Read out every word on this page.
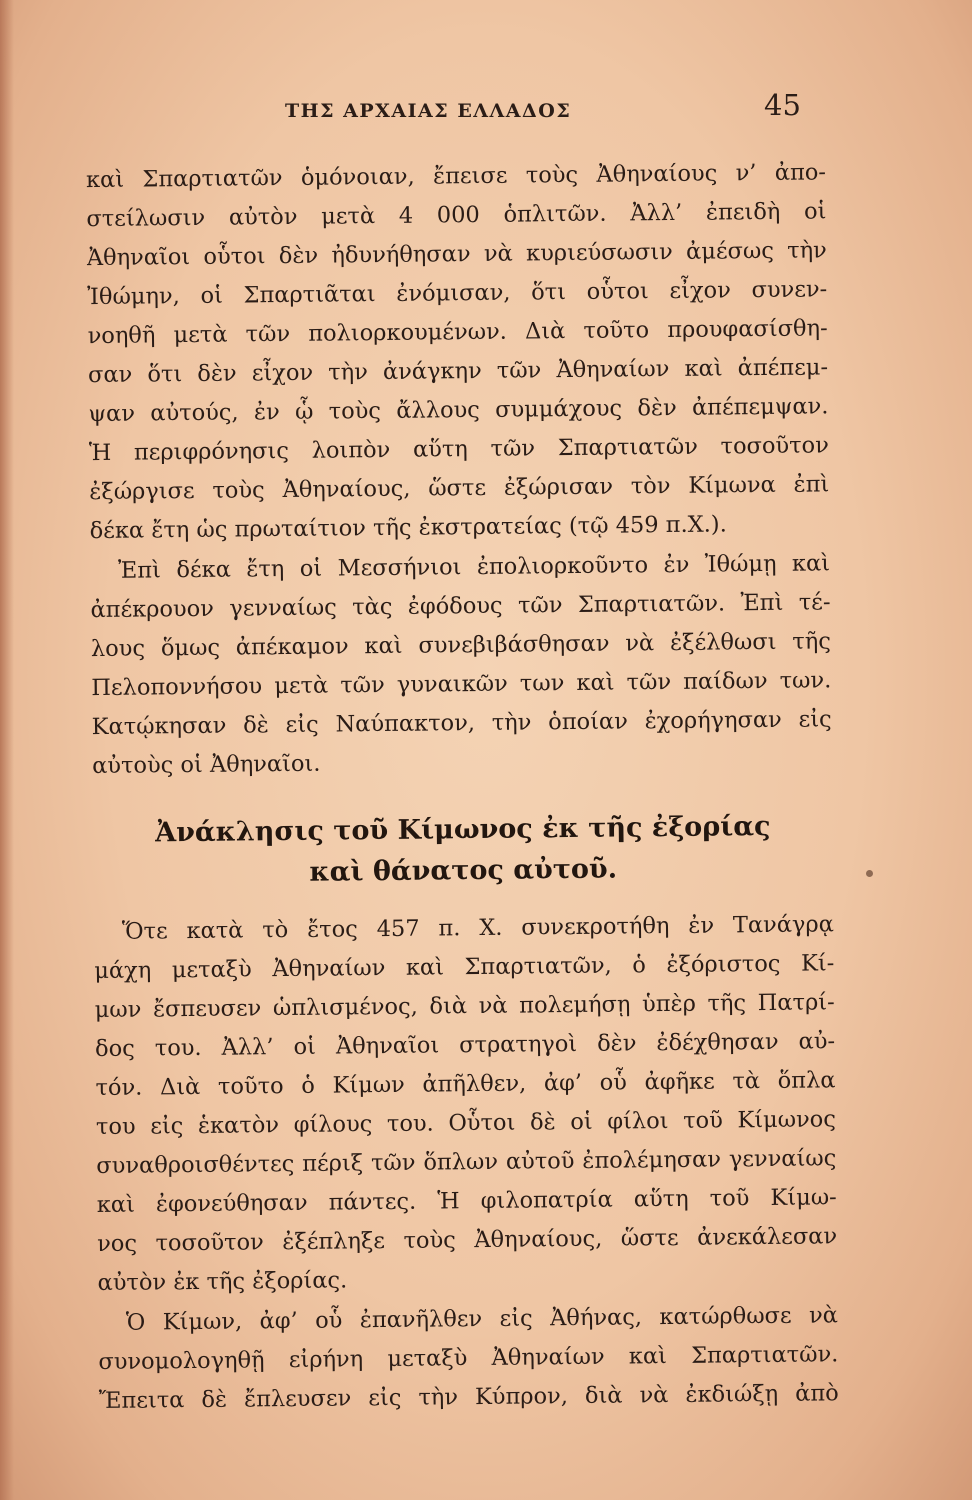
ΤΗΣ ΑΡΧΑΙΑΣ ΕΛΛΑΔΟΣ	45
καὶ Σπαρτιατῶν ὁμόνοιαν, ἔπεισε τοὺς Ἀθηναίους ν’ ἀπο-
στείλωσιν αὐτὸν μετὰ 4 000 ὁπλιτῶν. Ἀλλ’ ἐπειδὴ οἱ
Ἀθηναῖοι οὗτοι δὲν ἠδυνήθησαν νὰ κυριεύσωσιν ἀμέσως τὴν
Ἰθώμην, οἱ Σπαρτιᾶται ἐνόμισαν, ὅτι οὗτοι εἶχον συνεν-
νοηθῆ μετὰ τῶν πολιορκουμένων. Διὰ τοῦτο προυφασίσθη-
σαν ὅτι δὲν εἶχον τὴν ἀνάγκην τῶν Ἀθηναίων καὶ ἀπέπεμ-
ψαν αὐτούς, ἐν ᾧ τοὺς ἄλλους συμμάχους δὲν ἀπέπεμψαν.
Ἡ περιφρόνησις λοιπὸν αὕτη τῶν Σπαρτιατῶν τοσοῦτον
ἐξώργισε τοὺς Ἀθηναίους, ὥστε ἐξώρισαν τὸν Κίμωνα ἐπὶ
δέκα ἔτη ὡς πρωταίτιον τῆς ἐκστρατείας (τῷ 459 π.Χ.).
Ἐπὶ δέκα ἔτη οἱ Μεσσήνιοι ἐπολιορκοῦντο ἐν Ἰθώμῃ καὶ
ἀπέκρουον γενναίως τὰς ἐφόδους τῶν Σπαρτιατῶν. Ἐπὶ τέ-
λους ὅμως ἀπέκαμον καὶ συνεβιβάσθησαν νὰ ἐξέλθωσι τῆς
Πελοποννήσου μετὰ τῶν γυναικῶν των καὶ τῶν παίδων των.
Κατῴκησαν δὲ εἰς Ναύπακτον, τὴν ὁποίαν ἐχορήγησαν εἰς
αὐτοὺς οἱ Ἀθηναῖοι.
Ἀνάκλησις τοῦ Κίμωνος ἐκ τῆς ἐξορίας
καὶ θάνατος αὐτοῦ.
Ὅτε κατὰ τὸ ἔτος 457 π. Χ. συνεκροτήθη ἐν Τανάγρᾳ
μάχη μεταξὺ Ἀθηναίων καὶ Σπαρτιατῶν, ὁ ἐξόριστος Κί-
μων ἔσπευσεν ὡπλισμένος, διὰ νὰ πολεμήσῃ ὑπὲρ τῆς Πατρί-
δος του. Ἀλλ’ οἱ Ἀθηναῖοι στρατηγοὶ δὲν ἐδέχθησαν αὐ-
τόν. Διὰ τοῦτο ὁ Κίμων ἀπῆλθεν, ἀφ’ οὗ ἀφῆκε τὰ ὅπλα
του εἰς ἑκατὸν φίλους του. Οὗτοι δὲ οἱ φίλοι τοῦ Κίμωνος
συναθροισθέντες πέριξ τῶν ὅπλων αὐτοῦ ἐπολέμησαν γενναίως
καὶ ἐφονεύθησαν πάντες. Ἡ φιλοπατρία αὕτη τοῦ Κίμω-
νος τοσοῦτον ἐξέπληξε τοὺς Ἀθηναίους, ὥστε ἀνεκάλεσαν
αὐτὸν ἐκ τῆς ἐξορίας.
Ὁ Κίμων, ἀφ’ οὗ ἐπανῆλθεν εἰς Ἀθήνας, κατώρθωσε νὰ
συνομολογηθῇ εἰρήνη μεταξὺ Ἀθηναίων καὶ Σπαρτιατῶν.
Ἔπειτα δὲ ἔπλευσεν εἰς τὴν Κύπρον, διὰ νὰ ἐκδιώξῃ ἀπὸ
